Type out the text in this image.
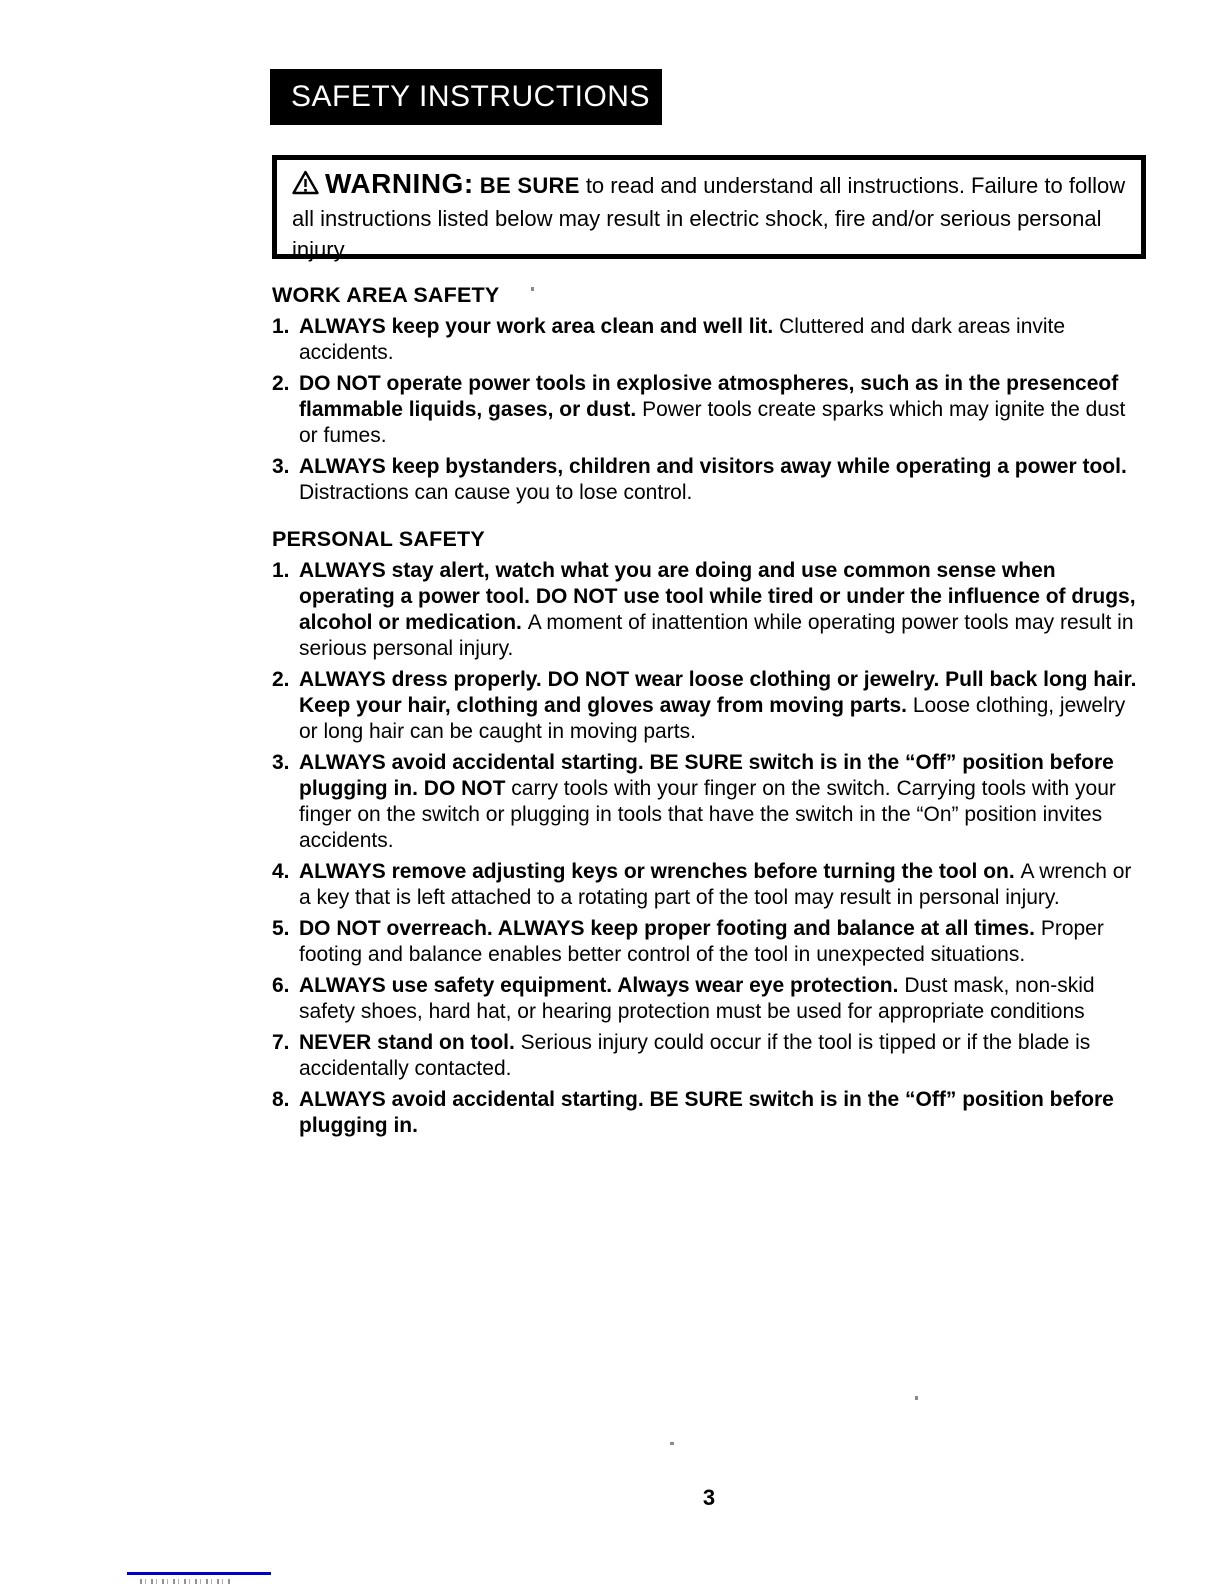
SAFETY INSTRUCTIONS
WARNING: BE SURE to read and understand all instructions. Failure to follow all instructions listed below may result in electric shock, fire and/or serious personal injury.
WORK AREA SAFETY
1. ALWAYS keep your work area clean and well lit. Cluttered and dark areas invite accidents.
2. DO NOT operate power tools in explosive atmospheres, such as in the presenceof flammable liquids, gases, or dust. Power tools create sparks which may ignite the dust or fumes.
3. ALWAYS keep bystanders, children and visitors away while operating a power tool. Distractions can cause you to lose control.
PERSONAL SAFETY
1. ALWAYS stay alert, watch what you are doing and use common sense when operating a power tool. DO NOT use tool while tired or under the influence of drugs, alcohol or medication. A moment of inattention while operating power tools may result in serious personal injury.
2. ALWAYS dress properly. DO NOT wear loose clothing or jewelry. Pull back long hair. Keep your hair, clothing and gloves away from moving parts. Loose clothing, jewelry or long hair can be caught in moving parts.
3. ALWAYS avoid accidental starting. BE SURE switch is in the “Off” position before plugging in. DO NOT carry tools with your finger on the switch. Carrying tools with your finger on the switch or plugging in tools that have the switch in the “On” position invites accidents.
4. ALWAYS remove adjusting keys or wrenches before turning the tool on. A wrench or a key that is left attached to a rotating part of the tool may result in personal injury.
5. DO NOT overreach. ALWAYS keep proper footing and balance at all times. Proper footing and balance enables better control of the tool in unexpected situations.
6. ALWAYS use safety equipment. Always wear eye protection. Dust mask, non-skid safety shoes, hard hat, or hearing protection must be used for appropriate conditions
7. NEVER stand on tool. Serious injury could occur if the tool is tipped or if the blade is accidentally contacted.
8. ALWAYS avoid accidental starting. BE SURE switch is in the “Off” position before plugging in.
3
